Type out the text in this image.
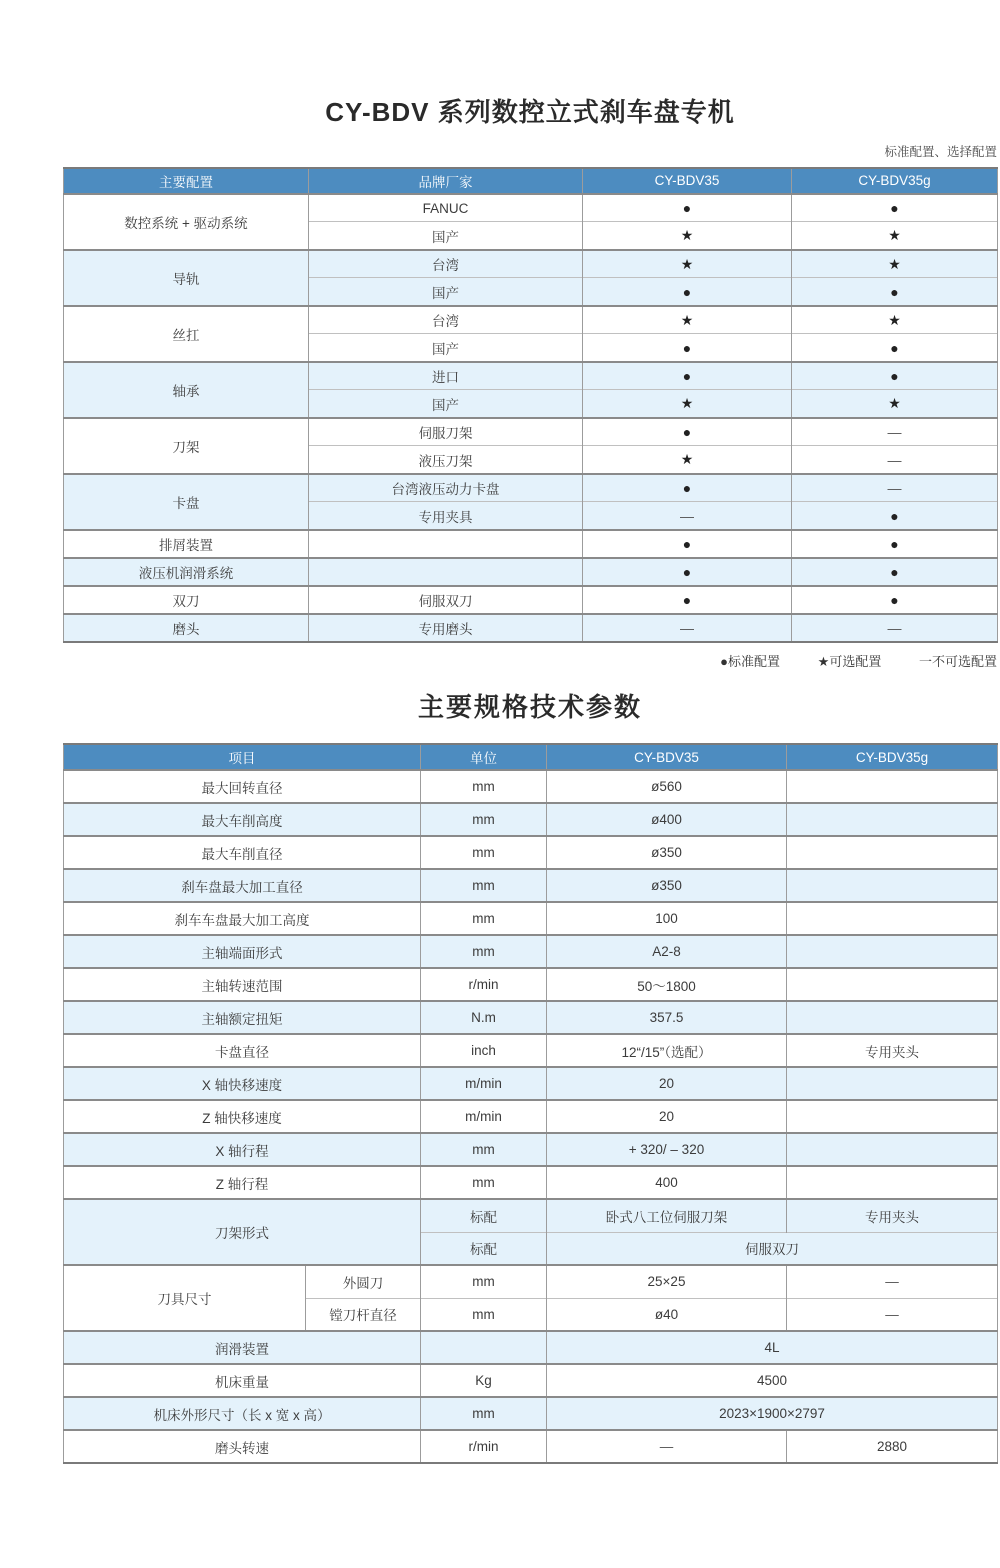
CY-BDV 系列数控立式刹车盘专机
标准配置、选择配置
主要配置	品牌厂家	CY-BDV35	CY-BDV35g
数控系统 + 驱动系统	FANUC	●	●
	国产	★	★
导轨	台湾	★	★
	国产	●	●
丝扛	台湾	★	★
	国产	●	●
轴承	进口	●	●
	国产	★	★
刀架	伺服刀架	●	—
	液压刀架	★	—
卡盘	台湾液压动力卡盘	●	—
	专用夹具	—	●
排屑装置		●	●
液压机润滑系统		●	●
双刀	伺服双刀	●	●
磨头	专用磨头	—	—
●标准配置	★可选配置	一不可选配置
主要规格技术参数
项目		单位	CY-BDV35	CY-BDV35g
最大回转直径		mm	ø560	
最大车削高度		mm	ø400	
最大车削直径		mm	ø350	
刹车盘最大加工直径		mm	ø350	
刹车车盘最大加工高度		mm	100	
主轴端面形式		mm	A2-8	
主轴转速范围		r/min	50～1800	
主轴额定扭矩		N.m	357.5	
卡盘直径		inch	12“/15”（选配）	专用夹头
X 轴快移速度		m/min	20	
Z 轴快移速度		m/min	20	
X 轴行程		mm	+ 320/ – 320	
Z 轴行程		mm	400	
刀架形式		标配	卧式八工位伺服刀架	专用夹头
		标配	伺服双刀	
刀具尺寸	外圆刀	mm	25×25	—
	镗刀杆直径	mm	ø40	—
润滑装置			4L	
机床重量		Kg	4500	
机床外形尺寸（长 x 宽 x 高）		mm	2023×1900×2797	
磨头转速		r/min	—	2880
